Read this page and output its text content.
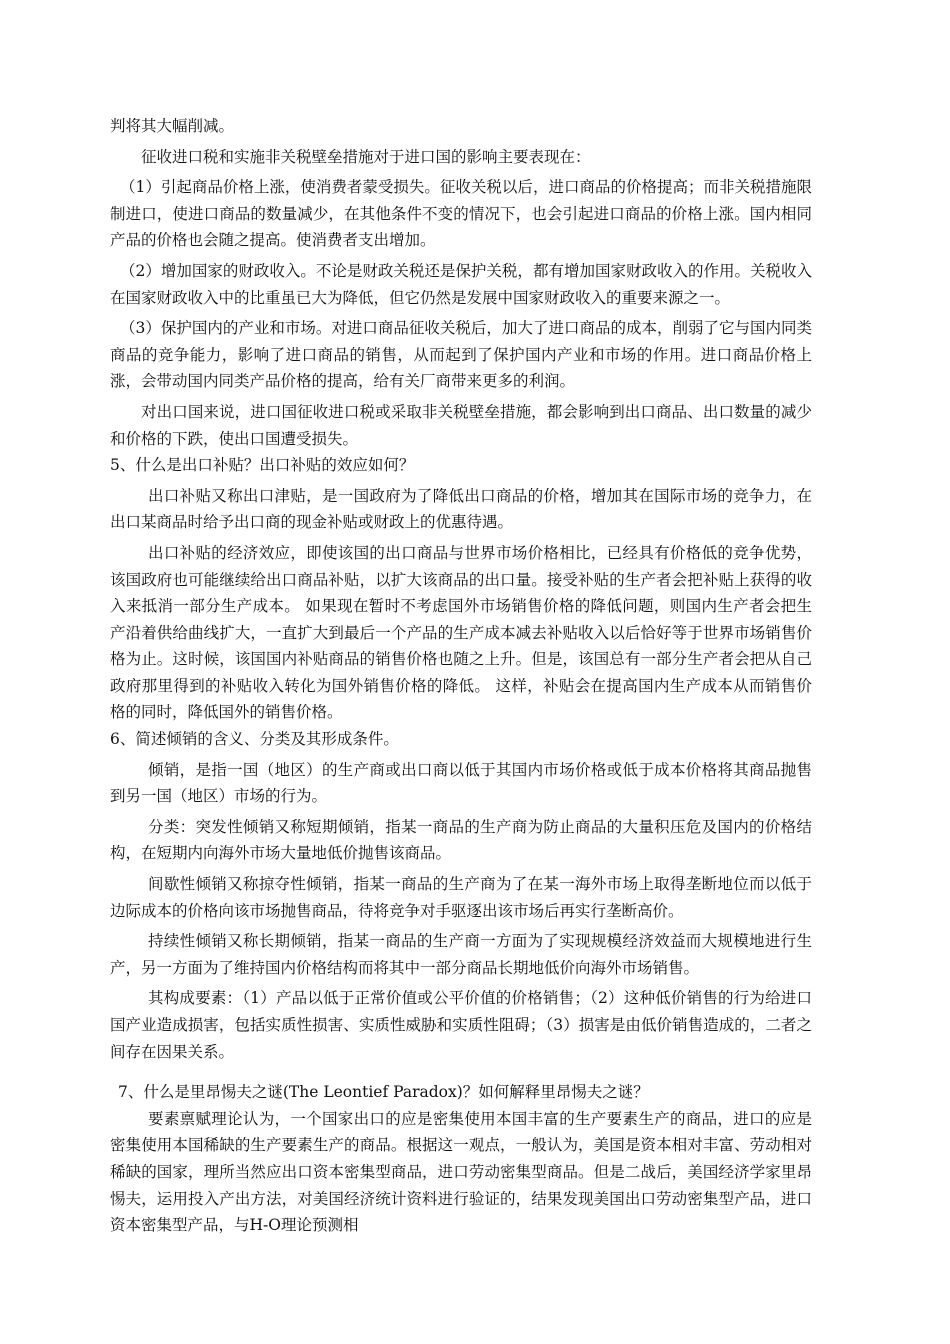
判将其大幅削减。

征收进口税和实施非关税壁垒措施对于进口国的影响主要表现在：

（1）引起商品价格上涨，使消费者蒙受损失。征收关税以后，进口商品的价格提高；而非关税措施限制进口，使进口商品的数量减少，在其他条件不变的情况下，也会引起进口商品的价格上涨。国内相同产品的价格也会随之提高。使消费者支出增加。

（2）增加国家的财政收入。不论是财政关税还是保护关税，都有增加国家财政收入的作用。关税收入在国家财政收入中的比重虽已大为降低，但它仍然是发展中国家财政收入的重要来源之一。

（3）保护国内的产业和市场。对进口商品征收关税后，加大了进口商品的成本，削弱了它与国内同类商品的竞争能力，影响了进口商品的销售，从而起到了保护国内产业和市场的作用。进口商品价格上涨，会带动国内同类产品价格的提高，给有关厂商带来更多的利润。

对出口国来说，进口国征收进口税或采取非关税壁垒措施，都会影响到出口商品、出口数量的减少和价格的下跌，使出口国遭受损失。

5、什么是出口补贴？出口补贴的效应如何？

出口补贴又称出口津贴，是一国政府为了降低出口商品的价格，增加其在国际市场的竞争力，在出口某商品时给予出口商的现金补贴或财政上的优惠待遇。

出口补贴的经济效应，即使该国的出口商品与世界市场价格相比，已经具有价格低的竞争优势，该国政府也可能继续给出口商品补贴，以扩大该商品的出口量。接受补贴的生产者会把补贴上获得的收入来抵消一部分生产成本。 如果现在暂时不考虑国外市场销售价格的降低问题，则国内生产者会把生产沿着供给曲线扩大，一直扩大到最后一个产品的生产成本减去补贴收入以后恰好等于世界市场销售价格为止。这时候，该国国内补贴商品的销售价格也随之上升。但是，该国总有一部分生产者会把从自己政府那里得到的补贴收入转化为国外销售价格的降低。 这样，补贴会在提高国内生产成本从而销售价格的同时，降低国外的销售价格。

6、简述倾销的含义、分类及其形成条件。

倾销，是指一国（地区）的生产商或出口商以低于其国内市场价格或低于成本价格将其商品抛售到另一国（地区）市场的行为。

分类：突发性倾销又称短期倾销，指某一商品的生产商为防止商品的大量积压危及国内的价格结构，在短期内向海外市场大量地低价抛售该商品。

间歇性倾销又称掠夺性倾销，指某一商品的生产商为了在某一海外市场上取得垄断地位而以低于边际成本的价格向该市场抛售商品，待将竞争对手驱逐出该市场后再实行垄断高价。

持续性倾销又称长期倾销，指某一商品的生产商一方面为了实现规模经济效益而大规模地进行生产，另一方面为了维持国内价格结构而将其中一部分商品长期地低价向海外市场销售。

其构成要素：（1）产品以低于正常价值或公平价值的价格销售；（2）这种低价销售的行为给进口国产业造成损害，包括实质性损害、实质性威胁和实质性阻碍；（3）损害是由低价销售造成的，二者之间存在因果关系。

7、什么是里昂惕夫之谜(The Leontief Paradox)？如何解释里昂惕夫之谜？

要素禀赋理论认为，一个国家出口的应是密集使用本国丰富的生产要素生产的商品，进口的应是密集使用本国稀缺的生产要素生产的商品。根据这一观点，一般认为，美国是资本相对丰富、劳动相对稀缺的国家，理所当然应出口资本密集型商品，进口劳动密集型商品。但是二战后，美国经济学家里昂惕夫，运用投入产出方法，对美国经济统计资料进行验证的，结果发现美国出口劳动密集型产品，进口资本密集型产品，与H-O理论预测相
